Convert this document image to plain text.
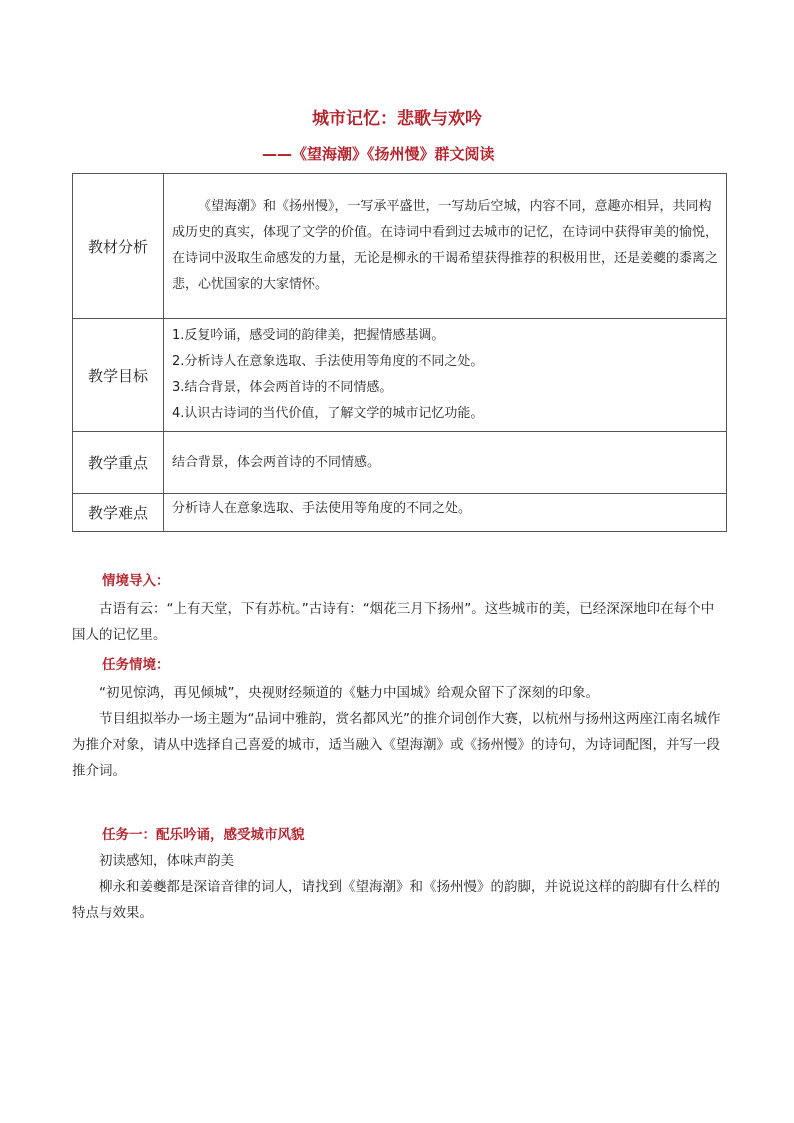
城市记忆：悲歌与欢吟
——《望海潮》《扬州慢》群文阅读
教材分析	《望海潮》和《扬州慢》，一写承平盛世，一写劫后空城，内容不同，意趣亦相异，共同构成历史的真实，体现了文学的价值。在诗词中看到过去城市的记忆，在诗词中获得审美的愉悦，在诗词中汲取生命感发的力量，无论是柳永的干谒希望获得推荐的积极用世，还是姜夔的黍离之悲，心忧国家的大家情怀。

教学目标	1.反复吟诵，感受词的韵律美，把握情感基调。

2.分析诗人在意象选取、手法使用等角度的不同之处。

3.结合背景，体会两首诗的不同情感。

4.认识古诗词的当代价值，了解文学的城市记忆功能。

教学重点	结合背景，体会两首诗的不同情感。

教学难点	分析诗人在意象选取、手法使用等角度的不同之处。

情境导入：

古语有云：“上有天堂，下有苏杭。”古诗有：“烟花三月下扬州”。这些城市的美，已经深深地印在每个中国人的记忆里。

任务情境：

“初见惊鸿，再见倾城”，央视财经频道的《魅力中国城》给观众留下了深刻的印象。

节目组拟举办一场主题为“品词中雅韵，赏名都风光”的推介词创作大赛，以杭州与扬州这两座江南名城作为推介对象，请从中选择自己喜爱的城市，适当融入《望海潮》或《扬州慢》的诗句，为诗词配图，并写一段推介词。

任务一：配乐吟诵，感受城市风貌

初读感知，体味声韵美

柳永和姜夔都是深谙音律的词人，请找到《望海潮》和《扬州慢》的韵脚，并说说这样的韵脚有什么样的特点与效果。
